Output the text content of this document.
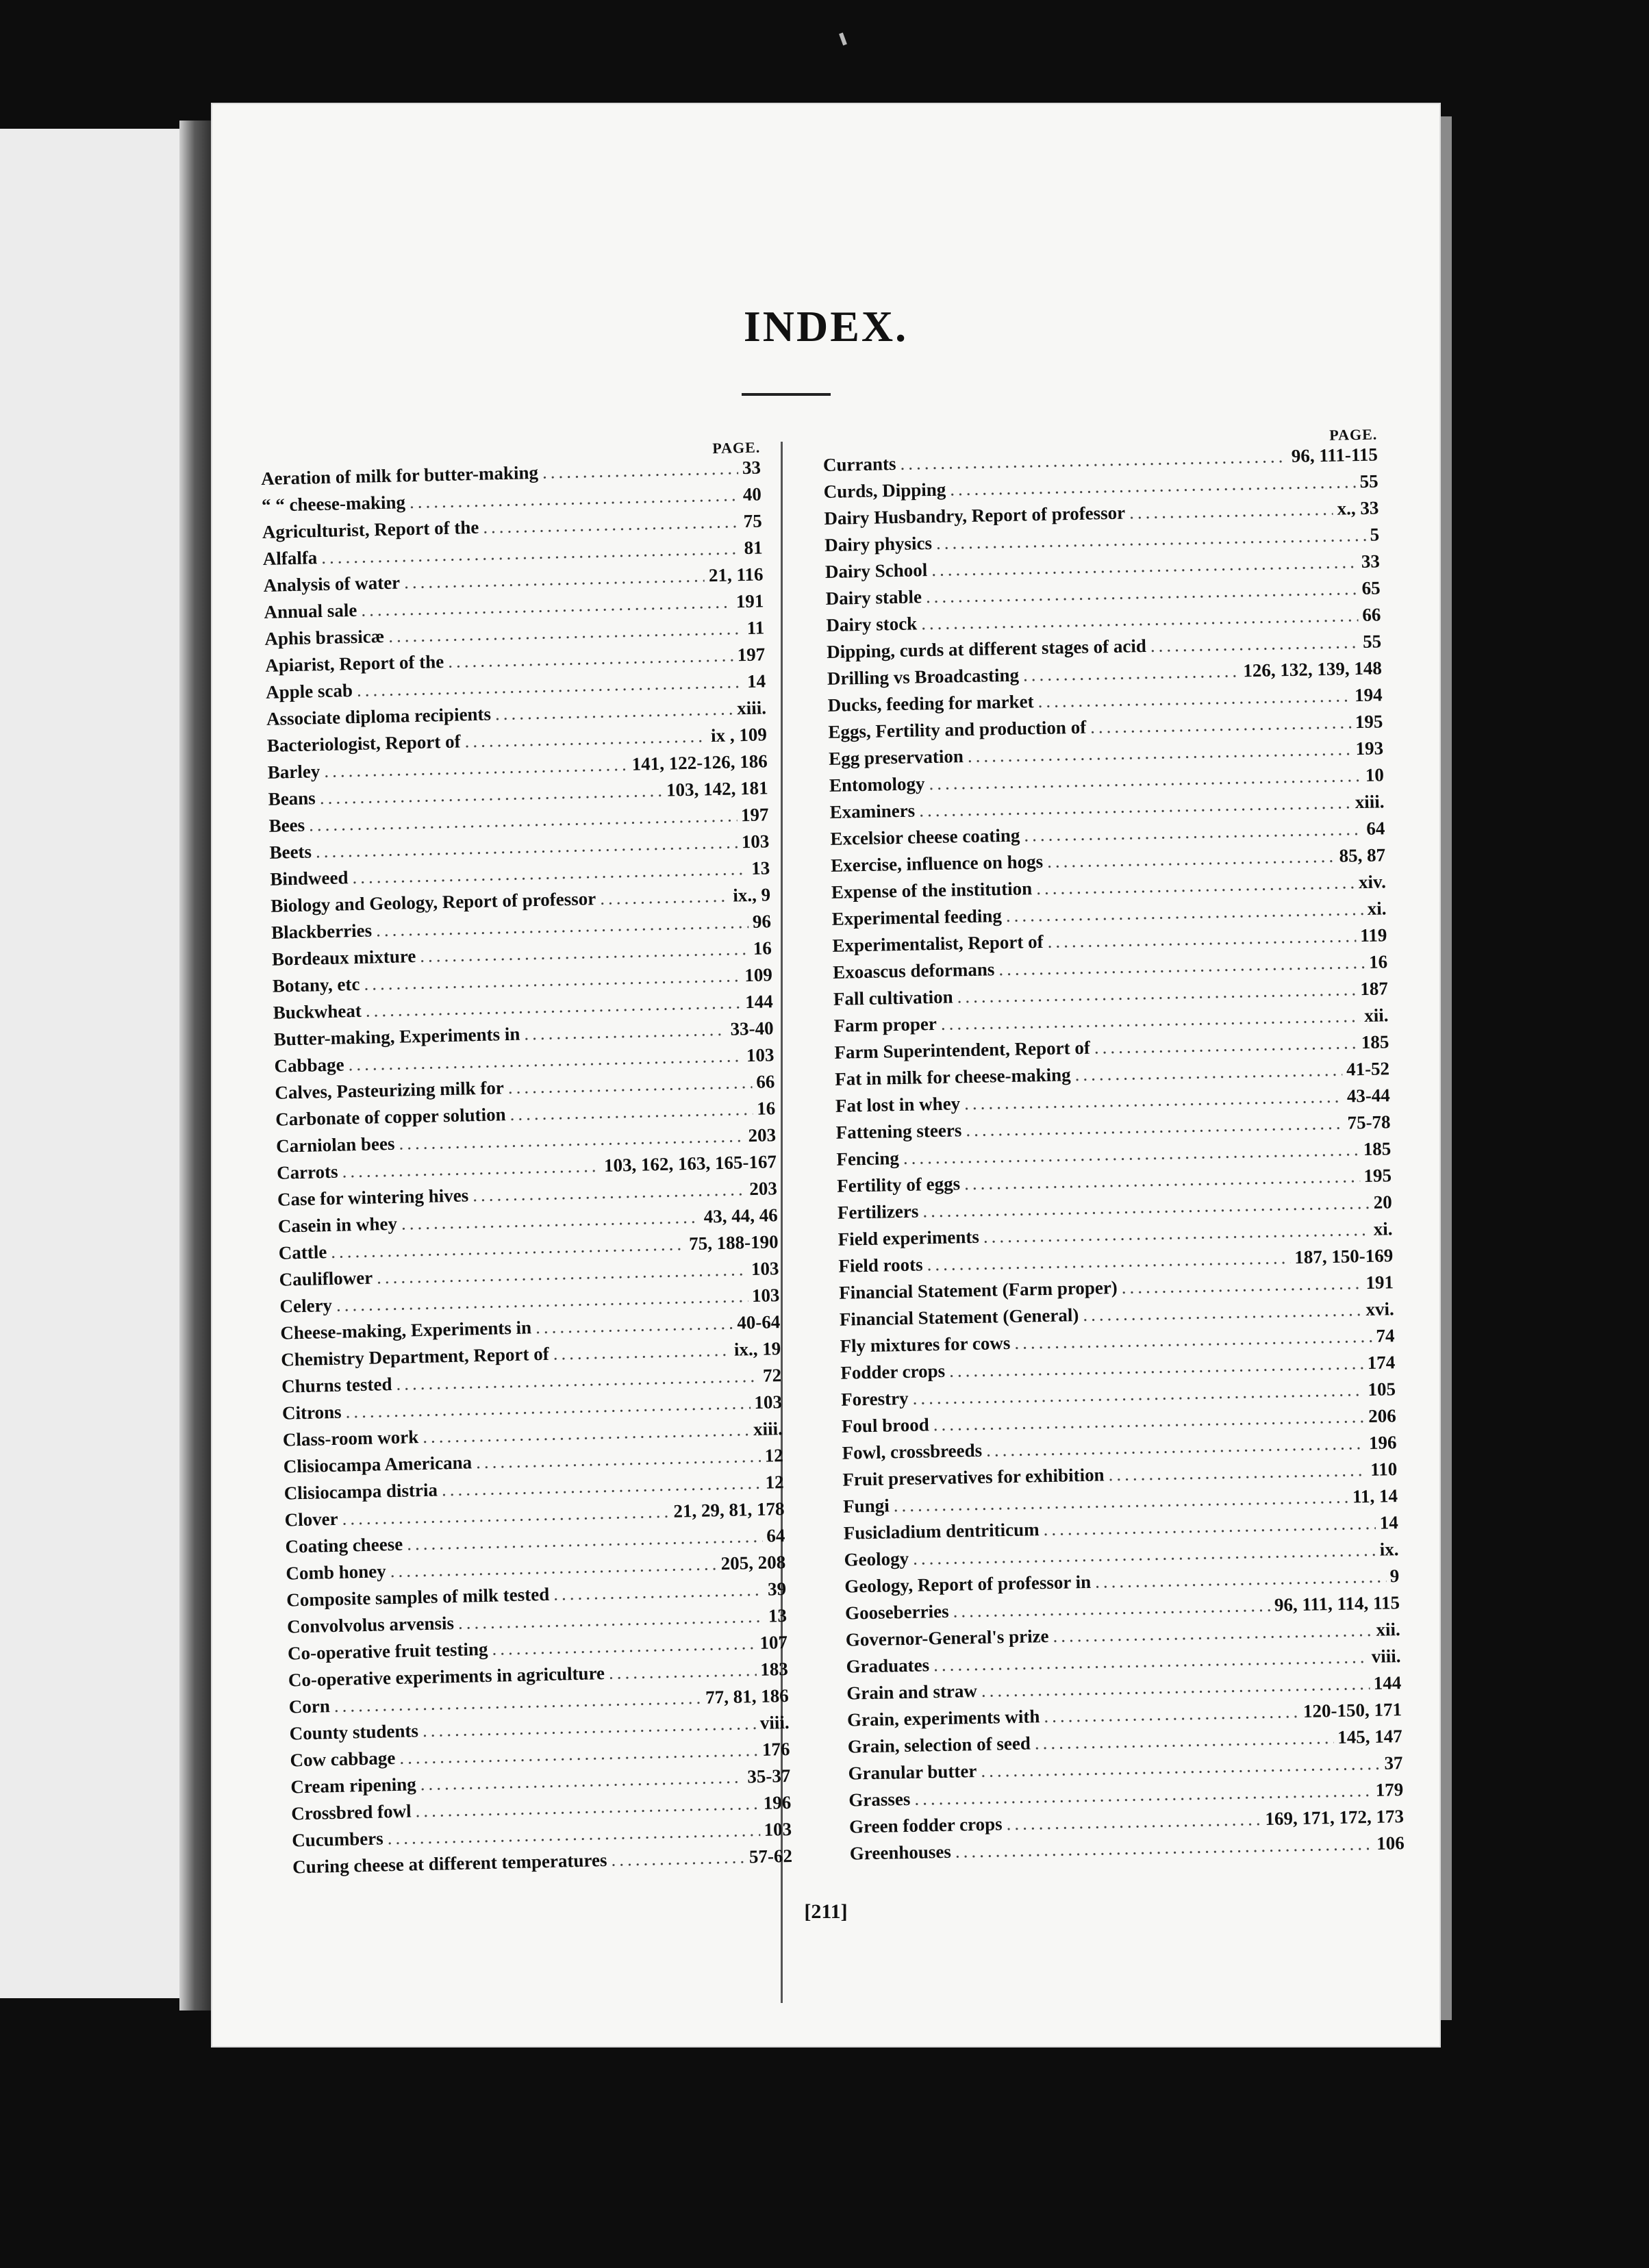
INDEX.
PAGE.
Aeration of milk for butter-making .....	33
“ “ cheese-making .....	40
Agriculturist, Report of the .....	75
Alfalfa .....	81
Analysis of water .....	21, 116
Annual sale .....	191
Aphis brassicæ .....	11
Apiarist, Report of the .....	197
Apple scab .....	14
Associate diploma recipients .....	xiii.
Bacteriologist, Report of .....	ix , 109
Barley .....	141, 122-126, 186
Beans .....	103, 142, 181
Bees .....	197
Beets .....	103
Bindweed .....	13
Biology and Geology, Report of professor .....	ix., 9
Blackberries .....	96
Bordeaux mixture .....	16
Botany, etc .....	109
Buckwheat .....	144
Butter-making, Experiments in .....	33-40
Cabbage .....	103
Calves, Pasteurizing milk for .....	66
Carbonate of copper solution .....	16
Carniolan bees .....	203
Carrots .....	103, 162, 163, 165-167
Case for wintering hives .....	203
Casein in whey .....	43, 44, 46
Cattle .....	75, 188-190
Cauliflower .....	103
Celery .....	103
Cheese-making, Experiments in .....	40-64
Chemistry Department, Report of .....	ix., 19
Churns tested .....	72
Citrons .....	103
Class-room work .....	xiii.
Clisiocampa Americana .....	12
Clisiocampa distria .....	12
Clover .....	21, 29, 81, 178
Coating cheese .....	64
Comb honey .....	205, 208
Composite samples of milk tested .....	39
Convolvolus arvensis .....	13
Co-operative fruit testing .....	107
Co-operative experiments in agriculture .....	183
Corn .....	77, 81, 186
County students .....	viii.
Cow cabbage .....	176
Cream ripening .....	35-37
Crossbred fowl .....	196
Cucumbers .....	103
Curing cheese at different temperatures .....	57-62
PAGE.
Currants .....	96, 111-115
Curds, Dipping .....	55
Dairy Husbandry, Report of professor .....	x., 33
Dairy physics .....	5
Dairy School .....	33
Dairy stable .....	65
Dairy stock .....	66
Dipping, curds at different stages of acid .....	55
Drilling vs Broadcasting .....	126, 132, 139, 148
Ducks, feeding for market .....	194
Eggs, Fertility and production of .....	195
Egg preservation .....	193
Entomology .....	10
Examiners .....	xiii.
Excelsior cheese coating .....	64
Exercise, influence on hogs .....	85, 87
Expense of the institution .....	xiv.
Experimental feeding .....	xi.
Experimentalist, Report of .....	119
Exoascus deformans .....	16
Fall cultivation .....	187
Farm proper .....	xii.
Farm Superintendent, Report of .....	185
Fat in milk for cheese-making .....	41-52
Fat lost in whey .....	43-44
Fattening steers .....	75-78
Fencing .....	185
Fertility of eggs .....	195
Fertilizers .....	20
Field experiments .....	xi.
Field roots .....	187, 150-169
Financial Statement (Farm proper) .....	191
Financial Statement (General) .....	xvi.
Fly mixtures for cows .....	74
Fodder crops .....	174
Forestry .....	105
Foul brood .....	206
Fowl, crossbreeds .....	196
Fruit preservatives for exhibition .....	110
Fungi .....	11, 14
Fusicladium dentriticum .....	14
Geology .....	ix.
Geology, Report of professor in .....	9
Gooseberries .....	96, 111, 114, 115
Governor-General's prize .....	xii.
Graduates .....	viii.
Grain and straw .....	144
Grain, experiments with .....	120-150, 171
Grain, selection of seed .....	145, 147
Granular butter .....	37
Grasses .....	179
Green fodder crops .....	169, 171, 172, 173
Greenhouses .....	106
[211]
